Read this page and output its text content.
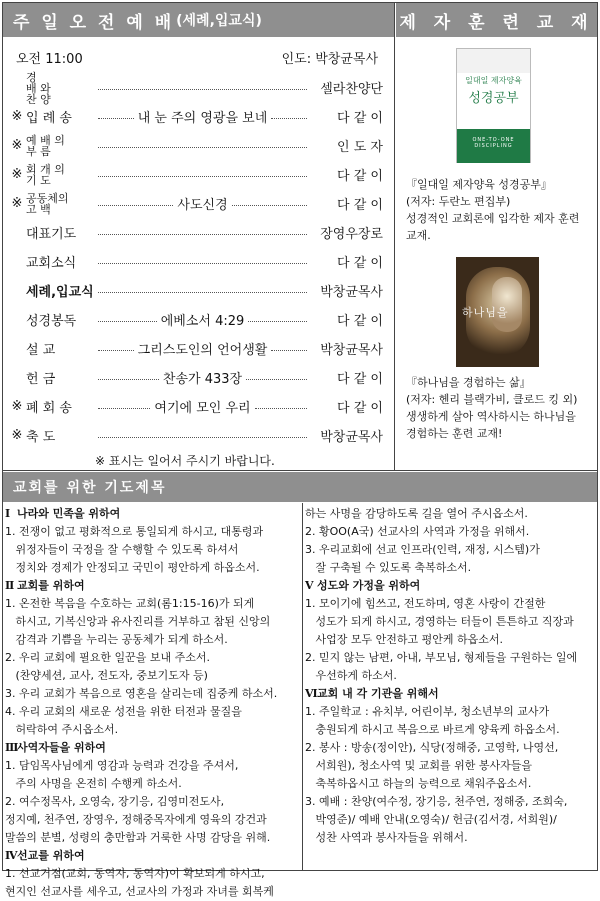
주 일 오 전 예 배 (세례,입교식)	제 자 훈 련 교 재
오전 11:00	인도: 박창균목사
경
배 와
찬 양
셀라찬양단
※ 입 례 송	내 눈 주의 영광을 보네	다 같 이
※ 예 배 의
부 름	인 도 자
※ 회 개 의
기 도	다 같 이
※ 공동체의
고 백	사도신경	다 같 이
대표기도	장영우장로
교회소식	다 같 이
세례,입교식	박창균목사
성경봉독	에베소서 4:29	다 같 이
설 교	그리스도인의 언어생활	박창균목사
헌 금	찬송가 433장	다 같 이
※ 폐 회 송	여기에 모인 우리	다 같 이
※ 축 도	박창균목사
※ 표시는 일어서 주시기 바랍니다.
일대일 제자양육
성경공부
ONE-TO-ONE DISCIPLING
『일대일 제자양육 성경공부』
(저자: 두란노 편집부)
성경적인 교회론에 입각한 제자 훈련
교재.
하나님을
『하나님을 경험하는 삶』
(저자: 헨리 블랙가비, 클로드 킹 외)
생생하게 살아 역사하시는 하나님을
경험하는 훈련 교재!
교회를 위한 기도제목
Ⅰ 나라와 민족을 위하여
1. 전쟁이 없고 평화적으로 통일되게 하시고, 대통령과
위정자들이 국정을 잘 수행할 수 있도록 하셔서
정치와 경제가 안정되고 국민이 평안하게 하옵소서.
Ⅱ 교회를 위하여
1. 온전한 복음을 수호하는 교회(롬1:15-16)가 되게
하시고, 기복신앙과 유사진리를 거부하고 참된 신앙의
감격과 기쁨을 누리는 공동체가 되게 하소서.
2. 우리 교회에 필요한 일꾼을 보내 주소서.
(찬양세션, 교사, 전도자, 중보기도자 등)
3. 우리 교회가 복음으로 영혼을 살리는데 집중케 하소서.
4. 우리 교회의 새로운 성전을 위한 터전과 물질을
허락하여 주시옵소서.
Ⅲ사역자들을 위하여
1. 담임목사님에게 영감과 능력과 건강을 주셔서,
주의 사명을 온전히 수행케 하소서.
2. 여수정목사, 오영숙, 장기응, 김영미전도사,
정지예, 천주연, 장영우, 정해중목자에게 영육의 강건과
말씀의 분별, 성령의 충만함과 거룩한 사명 감당을 위해.
Ⅳ선교를 위하여
1. 선교거점(교회, 동역자, 동역자)이 확보되게 하시고,
현지인 선교사를 세우고, 선교사의 가정과 자녀를 회복케
하는 사명을 감당하도록 길을 열어 주시옵소서.
2. 황OO(A국) 선교사의 사역과 가정을 위해서.
3. 우리교회에 선교 인프라(인력, 재정, 시스템)가
잘 구축될 수 있도록 축복하소서.
Ⅴ 성도와 가정을 위하여
1. 모이기에 힘쓰고, 전도하며, 영혼 사랑이 간절한
성도가 되게 하시고, 경영하는 터들이 튼튼하고 직장과
사업장 모두 안전하고 평안케 하옵소서.
2. 믿지 않는 남편, 아내, 부모님, 형제들을 구원하는 일에
우선하게 하소서.
Ⅵ교회 내 각 기관을 위해서
1. 주일학교 : 유치부, 어린이부, 청소년부의 교사가
충원되게 하시고 복음으로 바르게 양육케 하옵소서.
2. 봉사 : 방송(정이안), 식당(정해중, 고영학, 나영선,
서희원), 청소사역 및 교회를 위한 봉사자들을
축복하옵시고 하늘의 능력으로 채워주옵소서.
3. 예배 : 찬양(여수정, 장기응, 천주연, 정해중, 조희숙,
박영준)/ 예배 안내(오영숙)/ 헌금(김서경, 서희원)/
성찬 사역과 봉사자들을 위해서.
